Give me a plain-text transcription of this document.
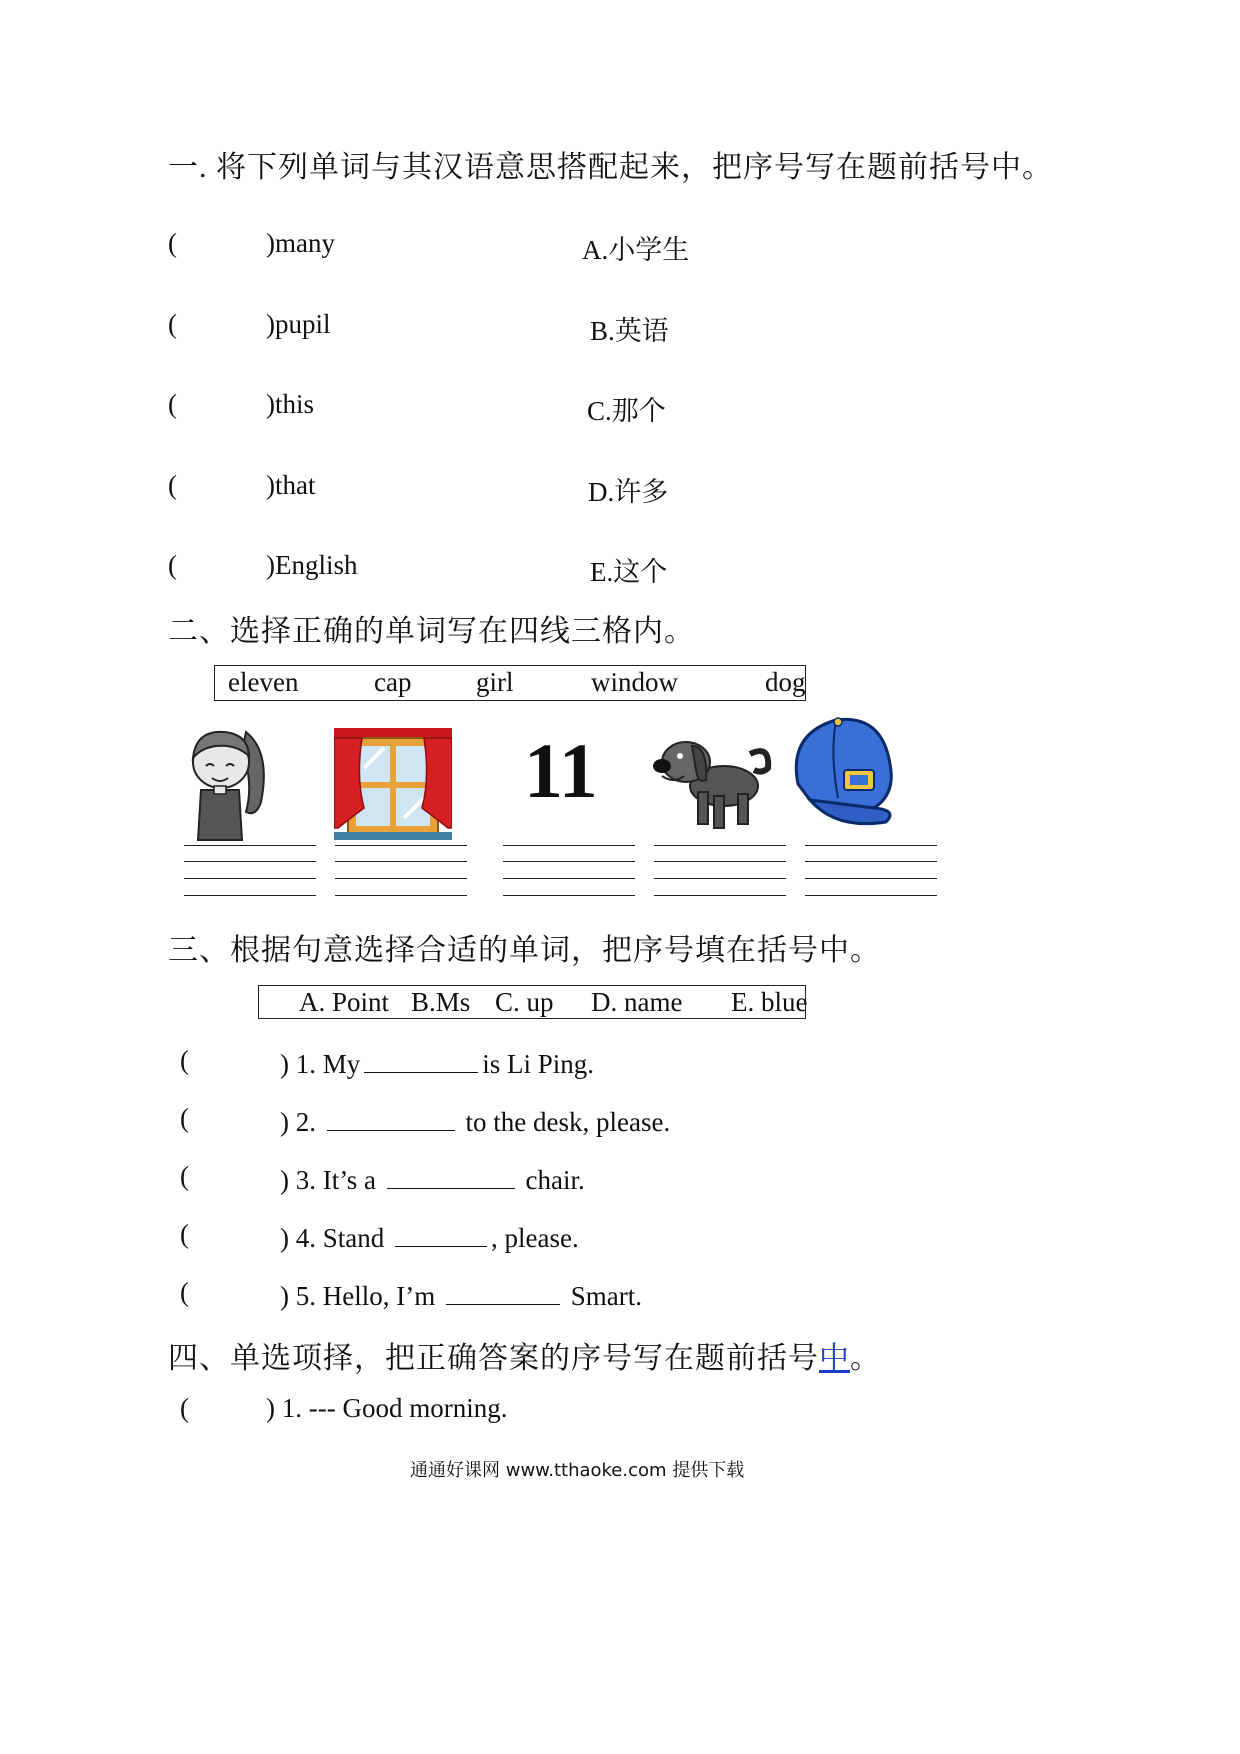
一. 将下列单词与其汉语意思搭配起来，把序号写在题前括号中。
(	)many	A.小学生
(	)pupil	B.英语
(	)this	C.那个
(	)that	D.许多
(	)English	E.这个
二、选择正确的单词写在四线三格内。
eleven	cap girl	window	dog
11
三、根据句意选择合适的单词，把序号填在括号中。
A. Point B.Ms C. up D. name E. blue
(	) 1. My	is Li Ping.
(	) 2.	to the desk, please.
(	) 3. It’s a	chair.
(	) 4. Stand	, please.
(	) 5. Hello, I’m	Smart.
四、单选项择，把正确答案的序号写在题前括号中。
(	) 1. --- Good morning.
通通好课网 www.tthaoke.com 提供下载
